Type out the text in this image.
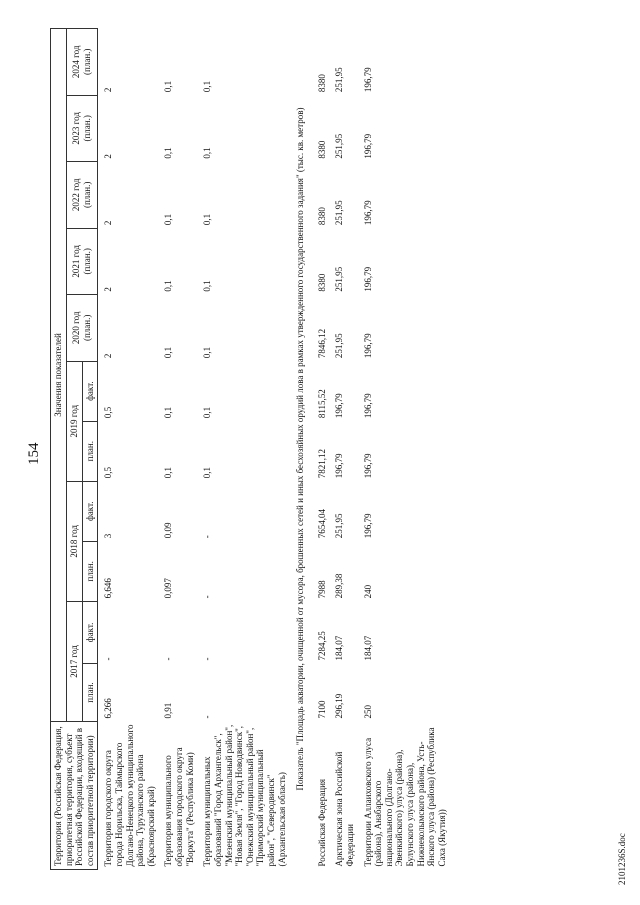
154
Территория (Российская Федерация, приоритетная территория, субъект Российской Федерации, входящий в состав приоритетной территории)	Значения показателей										
	2017 год		2018 год		2019 год		2020 год (план.)	2021 год (план.)	2022 год (план.)	2023 год (план.)	2024 год (план.)
	план.	факт.	план.	факт.	план.	факт.					
Территория городского округа города Норильска, Таймырского Долгано-Ненецкого муниципального района, Туруханского района (Красноярский край)	6,266	-	6,646	3	0,5	0,5	2	2	2	2	2
Территория муниципального образования городского округа "Воркута" (Республика Коми)	0,91	-	0,097	0,09	0,1	0,1	0,1	0,1	0,1	0,1	0,1
Территории муниципальных образований "Город Архангельск", "Мезенский муниципальный район", "Новая Земля", "Город Новодвинск", "Онежский муниципальный район", "Приморский муниципальный район", "Северодвинск" (Архангельская область)	-	-	-	-	0,1	0,1	0,1	0,1	0,1	0,1	0,1
Показатель "Площадь акватории, очищенной от мусора, брошенных сетей и иных бесхозяйных орудий лова в рамках утвержденного государственного задания" (тыс. кв. метров)											
Российская Федерация	7100	7284,25	7988	7654,04	7821,12	8115,52	7846,12	8380	8380	8380	8380
Арктическая зона Российской Федерации	296,19	184,07	289,38	251,95	196,79	196,79	251,95	251,95	251,95	251,95	251,95
Территории Аллаиховского улуса (района), Анабарского национального (Долгано-Эвенкийского) улуса (района), Булунского улуса (района), Нижнеколымского района, Усть-Янского улуса (района) (Республика Саха (Якутия))	250	184,07	240	196,79	196,79	196,79	196,79	196,79	196,79	196,79	196,79
2101236S.doc
